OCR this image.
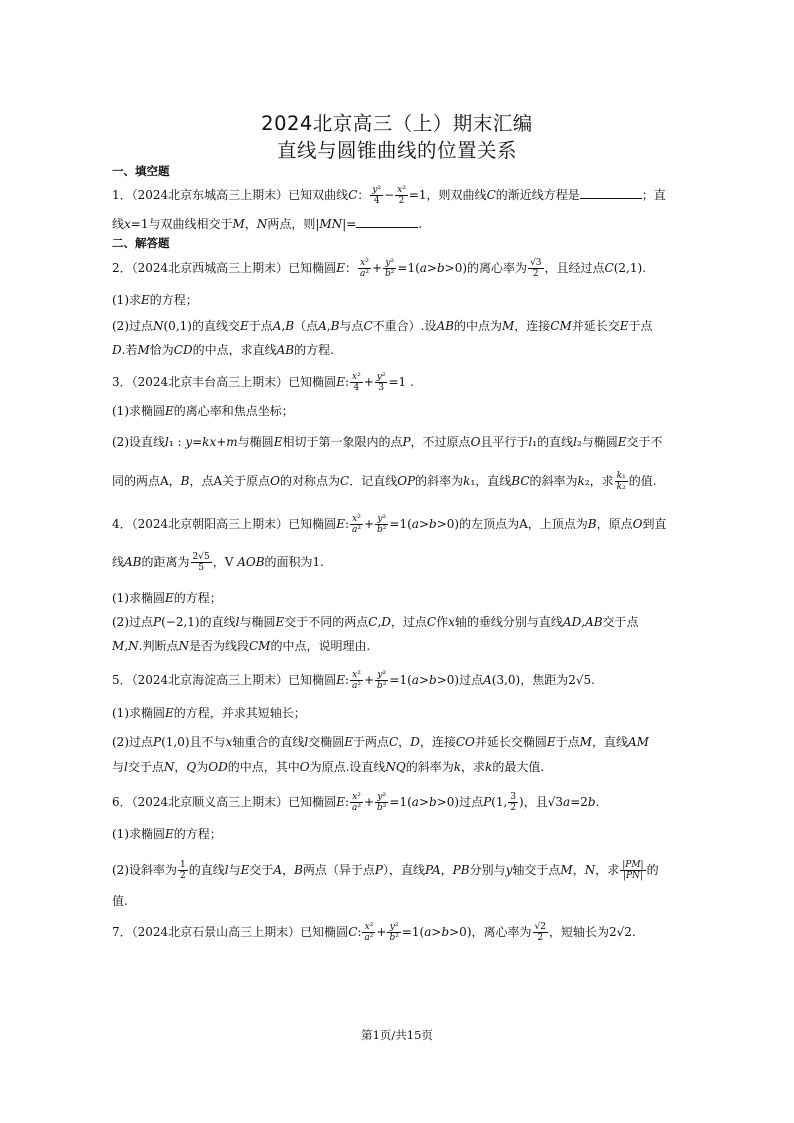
2024北京高三（上）期末汇编
直线与圆锥曲线的位置关系
一、填空题
1．（2024北京东城高三上期末）已知双曲线C： $\frac{\text{y²}}{4} - \frac{\text{x²}}{2} =1$，则双曲线C的渐近线方程是	；直
线x=1与双曲线相交于M，N两点，则|MN|=	.
二、解答题
2．（2024北京西城高三上期末）已知椭圆E： $\frac{\text{x²}}{\text{a²}} + \frac{\text{y²}}{\text{b²}} =1(a>b>0)$的离心率为 $\frac{√3}{2}$ ，且经过点C(2,1).
(1)求E的方程；
(2)过点N(0,1)的直线交E于点A,B（点A,B与点C不重合）.设AB的中点为M，连接CM并延长交E于点
D.若M恰为CD的中点，求直线AB的方程.
3．（2024北京丰台高三上期末）已知椭圆E: $\frac{\text{x²}}{4} + \frac{\text{y²}}{3} =1$ .
(1)求椭圆E的离心率和焦点坐标；
(2)设直线l₁ : y=kx+m与椭圆E相切于第一象限内的点P，不过原点O且平行于l₁的直线l₂与椭圆E交于不
同的两点A，B，点A关于原点O的对称点为C．记直线OP的斜率为k₁，直线BC的斜率为k₂，求 $\frac{\text{k₁}}{\text{k₂}}$ 的值.
4．（2024北京朝阳高三上期末）已知椭圆E: $\frac{\text{x²}}{\text{a²}} + \frac{\text{y²}}{\text{b²}} =1(a>b>0)$的左顶点为A，上顶点为B，原点O到直
线AB的距离为 $\frac{2√5}{5}$ ，V AOB的面积为1.
(1)求椭圆E的方程；
(2)过点P(−2,1)的直线l与椭圆E交于不同的两点C,D，过点C作x轴的垂线分别与直线AD,AB交于点
M,N.判断点N是否为线段CM的中点，说明理由.
5．（2024北京海淀高三上期末）已知椭圆E: $\frac{\text{x²}}{\text{a²}} + \frac{\text{y²}}{\text{b²}} =1(a>b>0)$过点A(3,0)，焦距为2√5.
(1)求椭圆E的方程，并求其短轴长；
(2)过点P(1,0)且不与x轴重合的直线l交椭圆E于两点C，D，连接CO并延长交椭圆E于点M，直线AM
与l交于点N，Q为OD的中点，其中O为原点.设直线NQ的斜率为k，求k的最大值.
6．（2024北京顺义高三上期末）已知椭圆E: $\frac{\text{x²}}{\text{a²}} + \frac{\text{y²}}{\text{b²}} =1(a>b>0)$过点P(1, $\frac{3}{2}$ )，且√3a=2b.
(1)求椭圆E的方程；
(2)设斜率为 $\frac{1}{2}$ 的直线l与E交于A，B两点（异于点P），直线PA，PB分别与y轴交于点M，N，求 $\frac{|PM|}{|PN|}$ 的
值.
7．（2024北京石景山高三上期末）已知椭圆C: $\frac{\text{x²}}{\text{a²}} + \frac{\text{y²}}{\text{b²}} =1(a>b>0)$，离心率为 $\frac{√2}{2}$ ，短轴长为2√2.
第1页/共15页
